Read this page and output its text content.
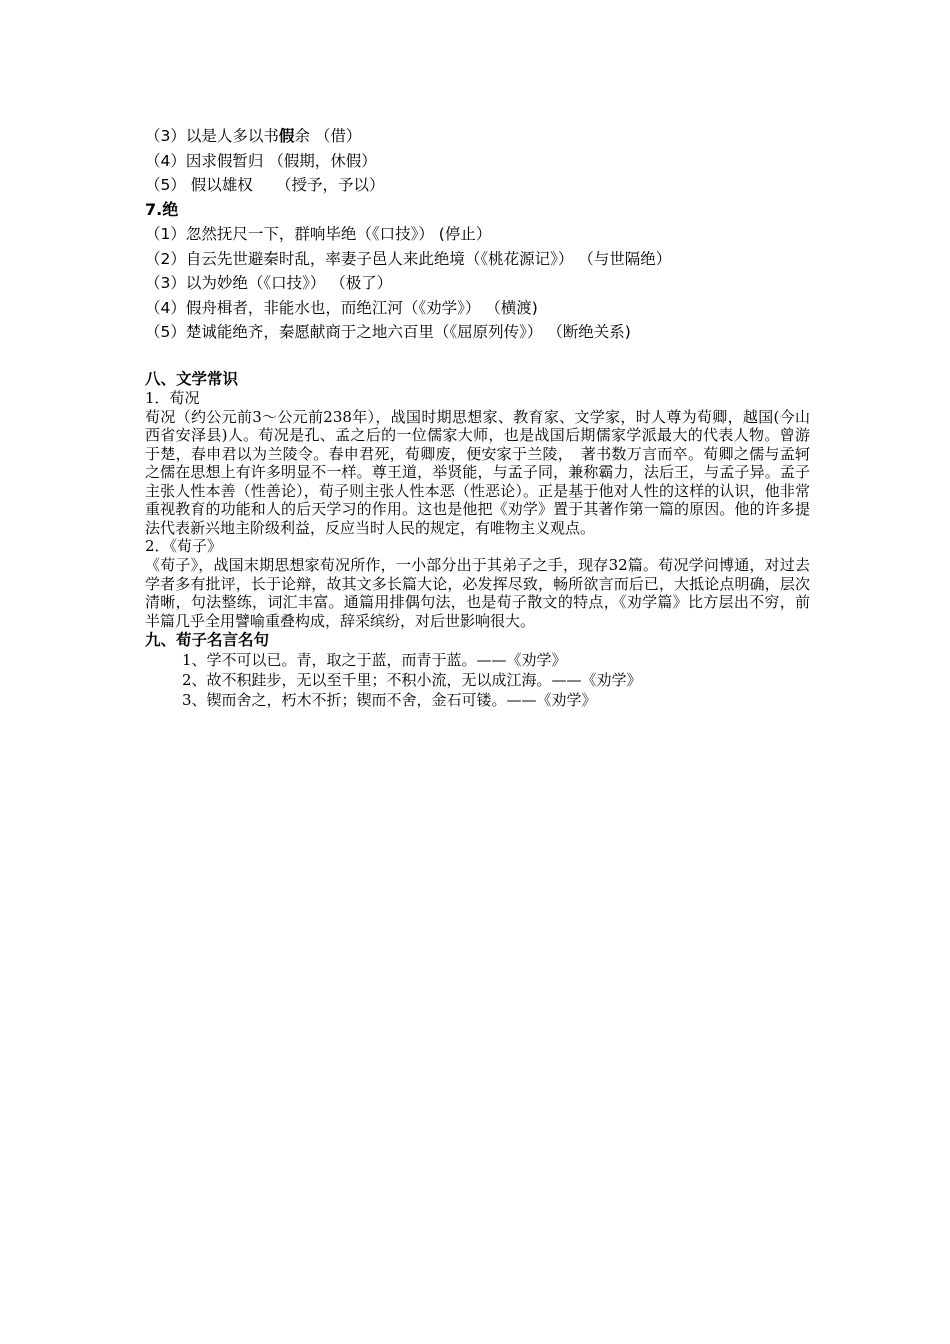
（3）以是人多以书假余 （借）
（4）因求假暂归 （假期，休假）
（5） 假以雄权　　（授予，予以）
7.绝
（1）忽然抚尺一下，群响毕绝（《口技》） (停止）
（2）自云先世避秦时乱，率妻子邑人来此绝境（《桃花源记》） （与世隔绝）
（3）以为妙绝（《口技》） （极了）
（4）假舟楫者，非能水也，而绝江河（《劝学》） （横渡)
（5）楚诚能绝齐，秦愿献商于之地六百里（《屈原列传》） （断绝关系)
八、文学常识
1．荀况
荀况（约公元前3～公元前238年），战国时期思想家、教育家、文学家，时人尊为荀卿，越国(今山西省安泽县)人。荀况是孔、孟之后的一位儒家大师，也是战国后期儒家学派最大的代表人物。曾游于楚，春申君以为兰陵令。春申君死，荀卿废，便安家于兰陵，　著书数万言而卒。荀卿之儒与孟轲之儒在思想上有许多明显不一样。尊王道，举贤能，与孟子同，兼称霸力，法后王，与孟子异。孟子主张人性本善（性善论），荀子则主张人性本恶（性恶论）。正是基于他对人性的这样的认识，他非常重视教育的功能和人的后天学习的作用。这也是他把《劝学》置于其著作第一篇的原因。他的许多提法代表新兴地主阶级利益，反应当时人民的规定，有唯物主义观点。
2．《荀子》
《荀子》，战国末期思想家荀况所作，一小部分出于其弟子之手，现存32篇。荀况学问博通，对过去学者多有批评，长于论辩，故其文多长篇大论，必发挥尽致，畅所欲言而后已，大抵论点明确，层次清晰，句法整练，词汇丰富。通篇用排偶句法，也是荀子散文的特点，《劝学篇》比方层出不穷，前半篇几乎全用譬喻重叠构成，辞采缤纷，对后世影响很大。
九、荀子名言名句
1、学不可以已。青，取之于蓝，而青于蓝。——《劝学》
2、故不积跬步，无以至千里；不积小流，无以成江海。——《劝学》
3、锲而舍之，朽木不折；锲而不舍，金石可镂。——《劝学》
